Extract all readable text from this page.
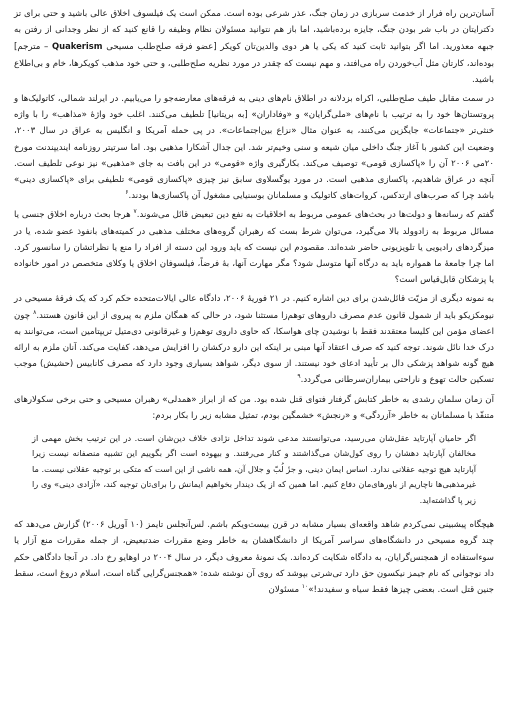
آسان‌ترین راه فرار از خدمت سربازی در زمان جنگ، عذر شرعی بوده است. ممکن است یک فیلسوف اخلاق عالی باشید و حتی برای تز دکترایتان در باب شر بودن جنگ، جایزه برده‌باشید، اما باز هم نتوانید مسئولان نظام وظیفه را قانع کنید که از نظر وجدانی از رفتن به جبهه معذورید. اما اگر بتوانید ثابت کنید که یکی یا هر دوی والدین‌تان کویکر [عضو فرقه صلح‌طلب مسیحی Quakerism – مترجم] بوده‌اند، کارتان مثل آب‌خوردن راه می‌افتد، و مهم نیست که چقدر در مورد نظریه صلح‌طلبی، و حتی خود مذهب کویکرها، خام و بی‌اطلاع باشید.

در سمت مقابل طیف صلح‌طلبی، اکراه بزدلانه در اطلاق نام‌های دینی به فرقه‌های معارضه‌جو را می‌یابیم. در ایرلند شمالی، کاتولیک‌ها و پروتستان‌ها خود را به ترتیب با نام‌های «ملی‌گرایان» و «وفاداران» [به بریتانیا] تلطیف می‌کنند. اغلب خود واژهٔ «مذاهب» را با واژه خنثی‌تر «جتماعات» جایگزین می‌کنند، به عنوان مثال «نزاع بین‌اجتماعات». در پی حمله آمریکا و انگلیس به عراق در سال ۲۰۰۳، وضعیت این کشور با آغاز جنگ داخلی میان شیعه و سنی وخیم‌تر شد. این جدال آشکارا مذهبی بود. اما سرتیتر روزنامه ایندیپندنت مورخ ۲۰می ۲۰۰۶ آن را «پاکسازی قومی» توصیف می‌کند. بکارگیری واژه «قومی» در این بافت به جای «مذهبی» نیز نوعی تلطیف است. آنچه در عراق شاهدیم، پاکسازی مذهبی است. در مورد یوگسلاوی سابق نیز چیزی «پاکسازی قومی» تلطیفی برای «پاکسازی دینی» باشد چرا که صرب‌های ارتدکس، کروات‌های کاتولیک و مسلمانان بوسنیایی مشغول آن پاکسازی‌ها بودند.$^۶$

گفتم که رسانه‌ها و دولت‌ها در بحث‌های عمومی مربوط به اخلاقیات به نفع دین تبعیض قائل می‌شوند.$^۷$ هرجا بحث درباره اخلاق جنسی یا مسائل مربوط به زادوولد بالا می‌گیرد، می‌توان شرط بست که رهبران گروه‌های مختلف مذهبی در کمیته‌های بانفوذ عضو شده، یا در میزگردهای رادیویی یا تلویزیونی حاضر شده‌اند. مقصودم این نیست که باید ورود این دسته از افراد را منع یا نظراتشان را سانسور کرد. اما چرا جامعهٔ ما همواره باید به درگاه آنها متوسل شود؟ مگر مهارت آنها، بهٔ فرضاً، فیلسوفان اخلاق یا وکلای متخصص در امور خانواده یا پزشکان قابل‌قیاس است؟

به نمونه دیگری از مزیّت قائل‌شدن برای دین اشاره کنیم. در ۲۱ فوریهٔ ۲۰۰۶، دادگاه عالی ایالات‌متحده حکم کرد که یک فرقهٔ مسیحی در نیومکزیکو باید از شمول قانون عدم مصرف داروهای توهم‌زا مستثنا شود، در حالی که همگان ملزم به پیروی از این قانون هستند.$^۸$ چون اعضای مؤمن این کلیسا معتقدند فقط با نوشیدن چای هواسکا، که حاوی داروی توهم‌زا و غیرقانونی دی‌متیل تریپتامین است، می‌توانند به درک خدا نائل شوند. توجه کنید که صرف اعتقاد آنها مبنی بر اینکه این دارو درکشان را افزایش می‌دهد، کفایت می‌کند. آنان ملزم به ارائه هیچ گونه شواهد پزشکی دال بر تأیید ادعای خود نیستند. از سوی دیگر، شواهد بسیاری وجود دارد که مصرف کانابیس (حشیش) موجب تسکین حالت تهوع و ناراحتی بیماران‌سرطانی می‌گردد.$^۹$

آن زمان سلمان رشدی به خاطر کتابش گرفتار فتوای قتل شده بود. من که از ابراز «همدلی» رهبران مسیحی و حتی برخی سکولارهای متنفّذ با مسلمانان به خاطر «آزردگی» و «رنجش» خشمگین بودم، تمثیل مشابه زیر را بکار بردم:

اگر حامیان آپارتاید عقل‌شان می‌رسید، می‌توانستند مدعی شوند تداخل نژادی خلاف دین‌شان است. در این ترتیب بخش مهمی از مخالفان آپارتاید دهشان را روی کول‌شان می‌گذاشتند و کنار می‌رفتند. و بیهوده است اگر بگوییم این تشبیه منصفانه نیست زیرا آپارتاید هیچ توجیه عقلانی ندارد. اساس ایمان دینی، و جزٔ لُبّ و جلال آن، همه ناشی از این است که متکی بر توجیه عقلانی نیست. ما غیرمذهبی‌ها ناچاریم از باورهای‌مان دفاع کنیم. اما همین که از یک دیندار بخواهیم ایمانش را برای‌تان توجیه کند، «آزادی دینی» وی را زیر پا گذاشته‌اید.

هیچگاه پیشبینی نمی‌کردم شاهد واقعه‌ای بسیار مشابه در قرن بیست‌ویکم باشم. لس‌آنجلس تایمز (۱۰ آوریل ۲۰۰۶) گزارش می‌دهد که چند گروه مسیحی در دانشگاه‌های سراسر آمریکا از دانشگاهشان به خاطر وضع مقررات ضدتبعیض، از جمله مقررات منع آزار یا سوءاستفاده از همجنس‌گرایان، به دادگاه شکایت کرده‌اند. یک نمونهٔ معروف دیگر، در سال ۲۰۰۴ در اوهایو رخ داد. در آنجا دادگاهی حکم داد نوجوانی که نام جیمز نیکسون حق دارد تی‌شرتی بپوشد که روی آن نوشته شده: «همجنس‌گرایی گناه است، اسلام دروغ است، سقط جنین قتل است. بعضی چیزها فقط سیاه و سفیدند!»$^{۱۰}$ مسئولان
